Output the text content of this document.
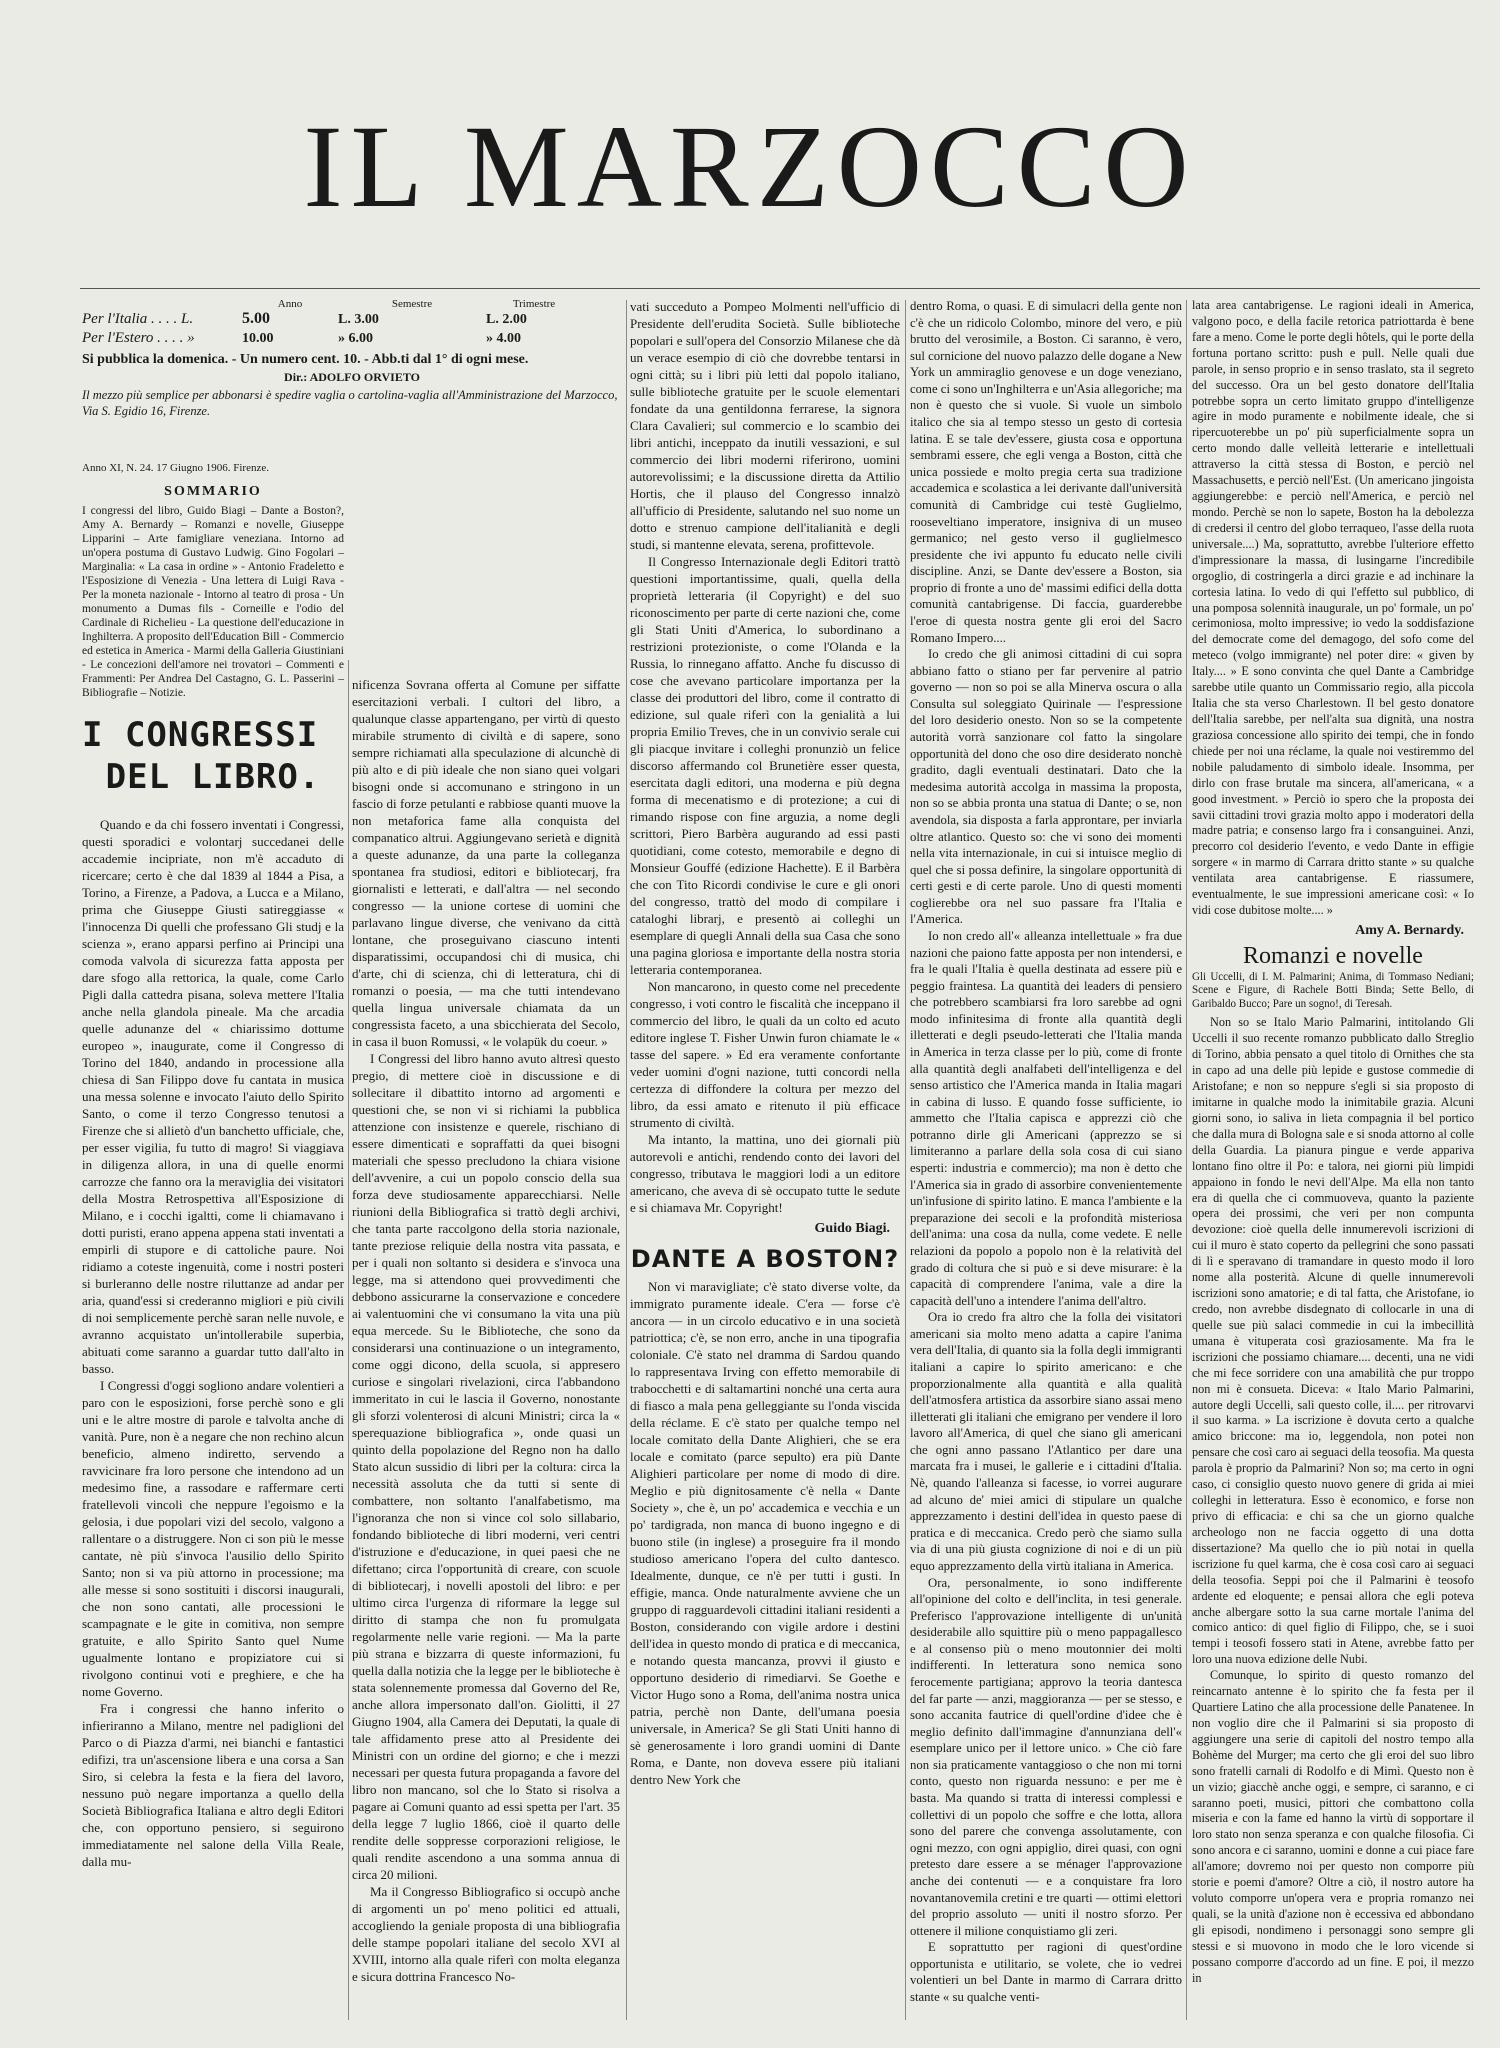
IL MARZOCCO
Anno	Semestre	Trimestre
Per l'Italia . . . . L.	5.00	L. 3.00	L. 2.00
Per l'Estero . . . . »	10.00	» 6.00	» 4.00
Si pubblica la domenica. - Un numero cent. 10. - Abb.ti dal 1° di ogni mese.
Dir.: ADOLFO ORVIETO
Il mezzo più semplice per abbonarsi è spedire vaglia o cartolina-vaglia all'Amministrazione del Marzocco, Via S. Egidio 16, Firenze.
Anno XI, N. 24. 17 Giugno 1906. Firenze.
SOMMARIO
I congressi del libro, Guido Biagi – Dante a Boston?, Amy A. Bernardy – Romanzi e novelle, Giuseppe Lipparini – Arte famigliare veneziana. Intorno ad un'opera postuma di Gustavo Ludwig. Gino Fogolari – Marginalia: « La casa in ordine » - Antonio Fradeletto e l'Esposizione di Venezia - Una lettera di Luigi Rava - Per la moneta nazionale - Intorno al teatro di prosa - Un monumento a Dumas fils - Corneille e l'odio del Cardinale di Richelieu - La questione dell'educazione in Inghilterra. A proposito dell'Education Bill - Commercio ed estetica in America - Marmi della Galleria Giustiniani - Le concezioni dell'amore nei trovatori – Commenti e Frammenti: Per Andrea Del Castagno, G. L. Passerini – Bibliografie – Notizie.
I CONGRESSI
DEL LIBRO.

Quando e da chi fossero inventati i Congressi, questi sporadici e volontarj succedanei delle accademie incipriate, non m'è accaduto di ricercare; certo è che dal 1839 al 1844 a Pisa, a Torino, a Firenze, a Padova, a Lucca e a Milano, prima che Giuseppe Giusti satireggiasse « l'innocenza Di quelli che professano Gli studj e la scienza », erano apparsi perfino ai Principi una comoda valvola di sicurezza fatta apposta per dare sfogo alla rettorica, la quale, come Carlo Pigli dalla cattedra pisana, soleva mettere l'Italia anche nella glandola pineale. Ma che arcadia quelle adunanze del « chiarissimo dottume europeo », inaugurate, come il Congresso di Torino del 1840, andando in processione alla chiesa di San Filippo dove fu cantata in musica una messa solenne e invocato l'aiuto dello Spirito Santo, o come il terzo Congresso tenutosi a Firenze che si allietò d'un banchetto ufficiale, che, per esser vigilia, fu tutto di magro! Si viaggiava in diligenza allora, in una di quelle enormi carrozze che fanno ora la meraviglia dei visitatori della Mostra Retrospettiva all'Esposizione di Milano, e i cocchi igaltti, come li chiamavano i dotti puristi, erano appena appena stati inventati a empirli di stupore e di cattoliche paure. Noi ridiamo a coteste ingenuità, come i nostri posteri si burleranno delle nostre riluttanze ad andar per aria, quand'essi si crederanno migliori e più civili di noi semplicemente perchè saran nelle nuvole, e avranno acquistato un'intollerabile superbia, abituati come saranno a guardar tutto dall'alto in basso.

I Congressi d'oggi sogliono andare volentieri a paro con le esposizioni, forse perchè sono e gli uni e le altre mostre di parole e talvolta anche di vanità. Pure, non è a negare che non rechino alcun beneficio, almeno indiretto, servendo a ravvicinare fra loro persone che intendono ad un medesimo fine, a rassodare e raffermare certi fratellevoli vincoli che neppure l'egoismo e la gelosia, i due popolari vizi del secolo, valgono a rallentare o a distruggere. Non ci son più le messe cantate, nè più s'invoca l'ausilio dello Spirito Santo; non si va più attorno in processione; ma alle messe si sono sostituiti i discorsi inaugurali, che non sono cantati, alle processioni le scampagnate e le gite in comitiva, non sempre gratuite, e allo Spirito Santo quel Nume ugualmente lontano e propiziatore cui si rivolgono continui voti e preghiere, e che ha nome Governo.

Fra i congressi che hanno inferito o infieriranno a Milano, mentre nel padiglioni del Parco o di Piazza d'armi, nei bianchi e fantastici edifizi, tra un'ascensione libera e una corsa a San Siro, si celebra la festa e la fiera del lavoro, nessuno può negare importanza a quello della Società Bibliografica Italiana e altro degli Editori che, con opportuno pensiero, si seguirono immediatamente nel salone della Villa Reale, dalla mu-

nificenza Sovrana offerta al Comune per siffatte esercitazioni verbali. I cultori del libro, a qualunque classe appartengano, per virtù di questo mirabile strumento di civiltà e di sapere, sono sempre richiamati alla speculazione di alcunchè di più alto e di più ideale che non siano quei volgari bisogni onde si accomunano e stringono in un fascio di forze petulanti e rabbiose quanti muove la non metaforica fame alla conquista del companatico altrui. Aggiungevano serietà e dignità a queste adunanze, da una parte la colleganza spontanea fra studiosi, editori e bibliotecarj, fra giornalisti e letterati, e dall'altra — nel secondo congresso — la unione cortese di uomini che parlavano lingue diverse, che venivano da città lontane, che proseguivano ciascuno intenti disparatissimi, occupandosi chi di musica, chi d'arte, chi di scienza, chi di letteratura, chi di romanzi o poesia, — ma che tutti intendevano quella lingua universale chiamata da un congressista faceto, a una sbicchierata del Secolo, in casa il buon Romussi, « le volapük du coeur. »

I Congressi del libro hanno avuto altresì questo pregio, di mettere cioè in discussione e di sollecitare il dibattito intorno ad argomenti e questioni che, se non vi si richiami la pubblica attenzione con insistenze e querele, rischiano di essere dimenticati e sopraffatti da quei bisogni materiali che spesso precludono la chiara visione dell'avvenire, a cui un popolo conscio della sua forza deve studiosamente apparecchiarsi. Nelle riunioni della Bibliografica si trattò degli archivi, che tanta parte raccolgono della storia nazionale, tante preziose reliquie della nostra vita passata, e per i quali non soltanto si desidera e s'invoca una legge, ma si attendono quei provvedimenti che debbono assicurarne la conservazione e concedere ai valentuomini che vi consumano la vita una più equa mercede. Su le Biblioteche, che sono da considerarsi una continuazione o un integramento, come oggi dicono, della scuola, si appresero curiose e singolari rivelazioni, circa l'abbandono immeritato in cui le lascia il Governo, nonostante gli sforzi volenterosi di alcuni Ministri; circa la « sperequazione bibliografica », onde quasi un quinto della popolazione del Regno non ha dallo Stato alcun sussidio di libri per la coltura: circa la necessità assoluta che da tutti si sente di combattere, non soltanto l'analfabetismo, ma l'ignoranza che non si vince col solo sillabario, fondando biblioteche di libri moderni, veri centri d'istruzione e d'educazione, in quei paesi che ne difettano; circa l'opportunità di creare, con scuole di bibliotecarj, i novelli apostoli del libro: e per ultimo circa l'urgenza di riformare la legge sul diritto di stampa che non fu promulgata regolarmente nelle varie regioni. — Ma la parte più strana e bizzarra di queste informazioni, fu quella dalla notizia che la legge per le biblioteche è stata solennemente promessa dal Governo del Re, anche allora impersonato dall'on. Giolitti, il 27 Giugno 1904, alla Camera dei Deputati, la quale di tale affidamento prese atto al Presidente dei Ministri con un ordine del giorno; e che i mezzi necessari per questa futura propaganda a favore del libro non mancano, sol che lo Stato si risolva a pagare ai Comuni quanto ad essi spetta per l'art. 35 della legge 7 luglio 1866, cioè il quarto delle rendite delle soppresse corporazioni religiose, le quali rendite ascendono a una somma annua di circa 20 milioni.

Ma il Congresso Bibliografico si occupò anche di argomenti un po' meno politici ed attuali, accogliendo la geniale proposta di una bibliografia delle stampe popolari italiane del secolo XVI al XVIII, intorno alla quale riferì con molta eleganza e sicura dottrina Francesco No-

vati succeduto a Pompeo Molmenti nell'ufficio di Presidente dell'erudita Società. Sulle biblioteche popolari e sull'opera del Consorzio Milanese che dà un verace esempio di ciò che dovrebbe tentarsi in ogni città; su i libri più letti dal popolo italiano, sulle biblioteche gratuite per le scuole elementari fondate da una gentildonna ferrarese, la signora Clara Cavalieri; sul commercio e lo scambio dei libri antichi, inceppato da inutili vessazioni, e sul commercio dei libri moderni riferirono, uomini autorevolissimi; e la discussione diretta da Attilio Hortis, che il plauso del Congresso innalzò all'ufficio di Presidente, salutando nel suo nome un dotto e strenuo campione dell'italianità e degli studi, si mantenne elevata, serena, profittevole.

Il Congresso Internazionale degli Editori trattò questioni importantissime, quali, quella della proprietà letteraria (il Copyright) e del suo riconoscimento per parte di certe nazioni che, come gli Stati Uniti d'America, lo subordinano a restrizioni protezioniste, o come l'Olanda e la Russia, lo rinnegano affatto. Anche fu discusso di cose che avevano particolare importanza per la classe dei produttori del libro, come il contratto di edizione, sul quale riferì con la genialità a lui propria Emilio Treves, che in un convivio serale cui gli piacque invitare i colleghi pronunziò un felice discorso affermando col Brunetière esser questa, esercitata dagli editori, una moderna e più degna forma di mecenatismo e di protezione; a cui di rimando rispose con fine arguzia, a nome degli scrittori, Piero Barbèra augurando ad essi pasti quotidiani, come cotesto, memorabile e degno di Monsieur Gouffé (edizione Hachette). E il Barbèra che con Tito Ricordi condivise le cure e gli onori del congresso, trattò del modo di compilare i cataloghi librarj, e presentò ai colleghi un esemplare di quegli Annali della sua Casa che sono una pagina gloriosa e importante della nostra storia letteraria contemporanea.

Non mancarono, in questo come nel precedente congresso, i voti contro le fiscalità che inceppano il commercio del libro, le quali da un colto ed acuto editore inglese T. Fisher Unwin furon chiamate le « tasse del sapere. » Ed era veramente confortante veder uomini d'ogni nazione, tutti concordi nella certezza di diffondere la coltura per mezzo del libro, da essi amato e ritenuto il più efficace strumento di civiltà.

Ma intanto, la mattina, uno dei giornali più autorevoli e antichi, rendendo conto dei lavori del congresso, tributava le maggiori lodi a un editore americano, che aveva di sè occupato tutte le sedute e si chiamava Mr. Copyright!

Guido Biagi.
DANTE A BOSTON?

Non vi maravigliate; c'è stato diverse volte, da immigrato puramente ideale. C'era — forse c'è ancora — in un circolo educativo e in una società patriottica; c'è, se non erro, anche in una tipografia coloniale. C'è stato nel dramma di Sardou quando lo rappresentava Irving con effetto memorabile di trabocchetti e di saltamartini nonché una certa aura di fiasco a mala pena gelleggiante su l'onda viscida della réclame. E c'è stato per qualche tempo nel locale comitato della Dante Alighieri, che se era locale e comitato (parce sepulto) era più Dante Alighieri particolare per nome di modo di dire. Meglio e più dignitosamente c'è nella « Dante Society », che è, un po' accademica e vecchia e un po' tardigrada, non manca di buono ingegno e di buono stile (in inglese) a proseguire fra il mondo studioso americano l'opera del culto dantesco. Idealmente, dunque, ce n'è per tutti i gusti. In effigie, manca. Onde naturalmente avviene che un gruppo di ragguardevoli cittadini italiani residenti a Boston, considerando con vigile ardore i destini dell'idea in questo mondo di pratica e di meccanica, e notando questa mancanza, provvi il giusto e opportuno desiderio di rimediarvi. Se Goethe e Victor Hugo sono a Roma, dell'anima nostra unica patria, perchè non Dante, dell'umana poesia universale, in America? Se gli Stati Uniti hanno di sè generosamente i loro grandi uomini di Dante Roma, e Dante, non doveva essere più italiani dentro New York che

dentro Roma, o quasi. E di simulacri della gente non c'è che un ridicolo Colombo, minore del vero, e più brutto del verosimile, a Boston. Ci saranno, è vero, sul cornicione del nuovo palazzo delle dogane a New York un ammiraglio genovese e un doge veneziano, come ci sono un'Inghilterra e un'Asia allegoriche; ma non è questo che si vuole. Si vuole un simbolo italico che sia al tempo stesso un gesto di cortesia latina. E se tale dev'essere, giusta cosa e opportuna sembrami essere, che egli venga a Boston, città che unica possiede e molto pregia certa sua tradizione accademica e scolastica a lei derivante dall'università comunità di Cambridge cui testè Guglielmo, rooseveltiano imperatore, insigniva di un museo germanico; nel gesto verso il guglielmesco presidente che ivi appunto fu educato nelle civili discipline. Anzi, se Dante dev'essere a Boston, sia proprio di fronte a uno de' massimi edifici della dotta comunità cantabrigense. Di faccia, guarderebbe l'eroe di questa nostra gente gli eroi del Sacro Romano Impero....

Io credo che gli animosi cittadini di cui sopra abbiano fatto o stiano per far pervenire al patrio governo — non so poi se alla Minerva oscura o alla Consulta sul soleggiato Quirinale — l'espressione del loro desiderio onesto. Non so se la competente autorità vorrà sanzionare col fatto la singolare opportunità del dono che oso dire desiderato nonchè gradito, dagli eventuali destinatari. Dato che la medesima autorità accolga in massima la proposta, non so se abbia pronta una statua di Dante; o se, non avendola, sia disposta a farla approntare, per inviarla oltre atlantico. Questo so: che vi sono dei momenti nella vita internazionale, in cui si intuisce meglio di quel che si possa definire, la singolare opportunità di certi gesti e di certe parole. Uno di questi momenti coglierebbe ora nel suo passare fra l'Italia e l'America.

Io non credo all'« alleanza intellettuale » fra due nazioni che paiono fatte apposta per non intendersi, e fra le quali l'Italia è quella destinata ad essere più e peggio fraintesa. La quantità dei leaders di pensiero che potrebbero scambiarsi fra loro sarebbe ad ogni modo infinitesima di fronte alla quantità degli illetterati e degli pseudo-letterati che l'Italia manda in America in terza classe per lo più, come di fronte alla quantità degli analfabeti dell'intelligenza e del senso artistico che l'America manda in Italia magari in cabina di lusso. E quando fosse sufficiente, io ammetto che l'Italia capisca e apprezzi ciò che potranno dirle gli Americani (apprezzo se si limiteranno a parlare della sola cosa di cui siano esperti: industria e commercio); ma non è detto che l'America sia in grado di assorbire convenientemente un'infusione di spirito latino. E manca l'ambiente e la preparazione dei secoli e la profondità misteriosa dell'anima: una cosa da nulla, come vedete. E nelle relazioni da popolo a popolo non è la relatività del grado di coltura che si può e si deve misurare: è la capacità di comprendere l'anima, vale a dire la capacità dell'uno a intendere l'anima dell'altro.

Ora io credo fra altro che la folla dei visitatori americani sia molto meno adatta a capire l'anima vera dell'Italia, di quanto sia la folla degli immigranti italiani a capire lo spirito americano: e che proporzionalmente alla quantità e alla qualità dell'atmosfera artistica da assorbire siano assai meno illetterati gli italiani che emigrano per vendere il loro lavoro all'America, di quel che siano gli americani che ogni anno passano l'Atlantico per dare una marcata fra i musei, le gallerie e i cittadini d'Italia. Nè, quando l'alleanza si facesse, io vorrei augurare ad alcuno de' miei amici di stipulare un qualche apprezzamento i destini dell'idea in questo paese di pratica e di meccanica. Credo però che siamo sulla via di una più giusta cognizione di noi e di un più equo apprezzamento della virtù italiana in America.

Ora, personalmente, io sono indifferente all'opinione del colto e dell'inclita, in tesi generale. Preferisco l'approvazione intelligente di un'unità desiderabile allo squittire più o meno pappagallesco e al consenso più o meno moutonnier dei molti indifferenti. In letteratura sono nemica sono ferocemente partigiana; approvo la teoria dantesca del far parte — anzi, maggioranza — per se stesso, e sono accanita fautrice di quell'ordine d'idee che è meglio definito dall'immagine d'annunziana dell'« esemplare unico per il lettore unico. » Che ciò fare non sia praticamente vantaggioso o che non mi torni conto, questo non riguarda nessuno: e per me è basta. Ma quando si tratta di interessi complessi e collettivi di un popolo che soffre e che lotta, allora sono del parere che convenga assolutamente, con ogni mezzo, con ogni appiglio, direi quasi, con ogni pretesto dare essere a se ménager l'approvazione anche dei contenuti — e a conquistare fra loro novantanovemila cretini e tre quarti — ottimi elettori del proprio assoluto — uniti il nostro sforzo. Per ottenere il milione conquistiamo gli zeri.

E soprattutto per ragioni di quest'ordine opportunista e utilitario, se volete, che io vedrei volentieri un bel Dante in marmo di Carrara dritto stante « su qualche venti-

lata area cantabrigense. Le ragioni ideali in America, valgono poco, e della facile retorica patriottarda è bene fare a meno. Come le porte degli hôtels, qui le porte della fortuna portano scritto: push e pull. Nelle quali due parole, in senso proprio e in senso traslato, sta il segreto del successo. Ora un bel gesto donatore dell'Italia potrebbe sopra un certo limitato gruppo d'intelligenze agire in modo puramente e nobilmente ideale, che si ripercuoterebbe un po' più superficialmente sopra un certo mondo dalle velleità letterarie e intellettuali attraverso la città stessa di Boston, e perciò nel Massachusetts, e perciò nell'Est. (Un americano jingoista aggiungerebbe: e perciò nell'America, e perciò nel mondo. Perchè se non lo sapete, Boston ha la debolezza di credersi il centro del globo terraqueo, l'asse della ruota universale....) Ma, soprattutto, avrebbe l'ulteriore effetto d'impressionare la massa, di lusingarne l'incredibile orgoglio, di costringerla a dirci grazie e ad inchinare la cortesia latina. Io vedo di qui l'effetto sul pubblico, di una pomposa solennità inaugurale, un po' formale, un po' cerimoniosa, molto impressive; io vedo la soddisfazione del democrate come del demagogo, del sofo come del meteco (volgo immigrante) nel poter dire: « given by Italy.... » E sono convinta che quel Dante a Cambridge sarebbe utile quanto un Commissario regio, alla piccola Italia che sta verso Charlestown. Il bel gesto donatore dell'Italia sarebbe, per nell'alta sua dignità, una nostra graziosa concessione allo spirito dei tempi, che in fondo chiede per noi una réclame, la quale noi vestiremmo del nobile paludamento di simbolo ideale. Insomma, per dirlo con frase brutale ma sincera, all'americana, « a good investment. » Perciò io spero che la proposta dei savii cittadini trovi grazia molto appo i moderatori della madre patria; e consenso largo fra i consanguinei. Anzi, precorro col desiderio l'evento, e vedo Dante in effigie sorgere « in marmo di Carrara dritto stante » su qualche ventilata area cantabrigense. E riassumere, eventualmente, le sue impressioni americane così: « Io vidi cose dubitose molte.... »

Amy A. Bernardy.
Romanzi e novelle
Gli Uccelli, di I. M. Palmarini; Anima, di Tommaso Nediani; Scene e Figure, di Rachele Botti Binda; Sette Bello, di Garibaldo Bucco; Pare un sogno!, di Teresah.

Non so se Italo Mario Palmarini, intitolando Gli Uccelli il suo recente romanzo pubblicato dallo Streglio di Torino, abbia pensato a quel titolo di Ornithes che sta in capo ad una delle più lepide e gustose commedie di Aristofane; e non so neppure s'egli si sia proposto di imitarne in qualche modo la inimitabile grazia. Alcuni giorni sono, io saliva in lieta compagnia il bel portico che dalla mura di Bologna sale e si snoda attorno al colle della Guardia. La pianura pingue e verde appariva lontano fino oltre il Po: e talora, nei giorni più limpidi appaiono in fondo le nevi dell'Alpe. Ma ella non tanto era di quella che ci commuoveva, quanto la paziente opera dei prossimi, che veri per non compunta devozione: cioè quella delle innumerevoli iscrizioni di cui il muro è stato coperto da pellegrini che sono passati di lì e speravano di tramandare in questo modo il loro nome alla posterità. Alcune di quelle innumerevoli iscrizioni sono amatorie; e di tal fatta, che Aristofane, io credo, non avrebbe disdegnato di collocarle in una di quelle sue più salaci commedie in cui la imbecillità umana è vituperata così graziosamente. Ma fra le iscrizioni che possiamo chiamare.... decenti, una ne vidi che mi fece sorridere con una amabilità che pur troppo non mi è consueta. Diceva: « Italo Mario Palmarini, autore degli Uccelli, salì questo colle, il.... per ritrovarvi il suo karma. » La iscrizione è dovuta certo a qualche amico briccone: ma io, leggendola, non potei non pensare che così caro ai seguaci della teosofia. Ma questa parola è proprio da Palmarini? Non so; ma certo in ogni caso, ci consiglio questo nuovo genere di grida ai miei colleghi in letteratura. Esso è economico, e forse non privo di efficacia: e chi sa che un giorno qualche archeologo non ne faccia oggetto di una dotta dissertazione? Ma quello che io più notai in quella iscrizione fu quel karma, che è cosa così caro ai seguaci della teosofia. Seppi poi che il Palmarini è teosofo ardente ed eloquente; e pensai allora che egli poteva anche albergare sotto la sua carne mortale l'anima del comico antico: di quel figlio di Filippo, che, se i suoi tempi i teosofi fossero stati in Atene, avrebbe fatto per loro una nuova edizione delle Nubi.

Comunque, lo spirito di questo romanzo del reincarnato antenne è lo spirito che fa festa per il Quartiere Latino che alla processione delle Panatenee. In non voglio dire che il Palmarini si sia proposto di aggiungere una serie di capitoli del nostro tempo alla Bohème del Murger; ma certo che gli eroi del suo libro sono fratelli carnali di Rodolfo e di Mimì. Questo non è un vizio; giacchè anche oggi, e sempre, ci saranno, e ci saranno poeti, musici, pittori che combattono colla miseria e con la fame ed hanno la virtù di sopportare il loro stato non senza speranza e con qualche filosofia. Ci sono ancora e ci saranno, uomini e donne a cui piace fare all'amore; dovremo noi per questo non comporre più storie e poemi d'amore? Oltre a ciò, il nostro autore ha voluto comporre un'opera vera e propria romanzo nei quali, se la unità d'azione non è eccessiva ed abbondano gli episodi, nondimeno i personaggi sono sempre gli stessi e si muovono in modo che le loro vicende si possano comporre d'accordo ad un fine. E poi, il mezzo in
